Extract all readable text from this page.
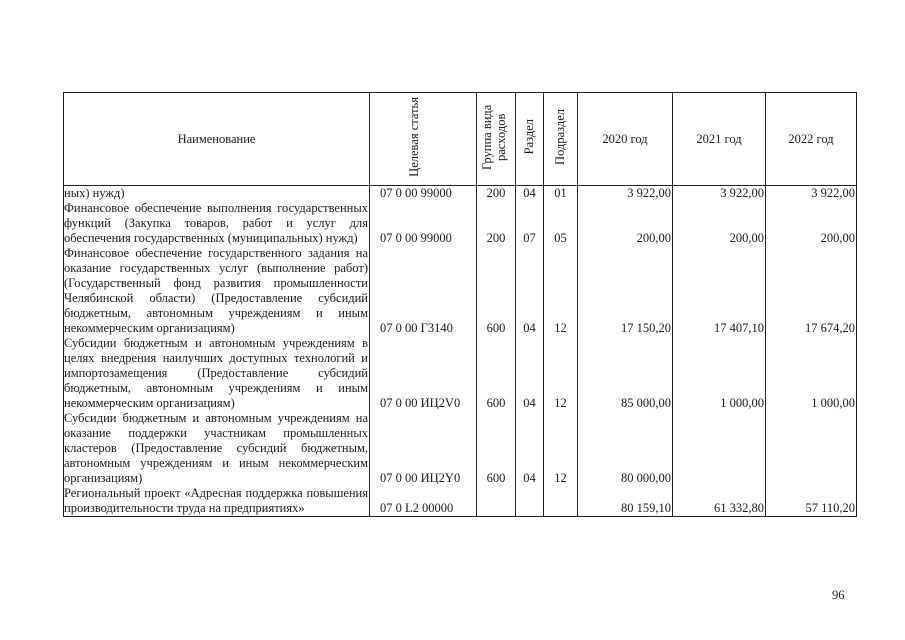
Наименование	Целевая статья	Группа вида расходов	Раздел	Подраздел	2020 год	2021 год	2022 год
ных) нужд)	07 0 00 99000	200	04	01	3 922,00	3 922,00	3 922,00
Финансовое обеспечение выполнения государственных функций (Закупка товаров, работ и услуг для обеспечения государственных (муниципальных) нужд)	07 0 00 99000	200	07	05	200,00	200,00	200,00
Финансовое обеспечение государственного задания на оказание государственных услуг (выполнение работ) (Государственный фонд развития промышленности Челябинской области) (Предоставление субсидий бюджетным, автономным учреждениям и иным некоммерческим организациям)	07 0 00 Г3140	600	04	12	17 150,20	17 407,10	17 674,20
Субсидии бюджетным и автономным учреждениям в целях внедрения наилучших доступных технологий и импортозамещения (Предоставление субсидий бюджетным, автономным учреждениям и иным некоммерческим организациям)	07 0 00 ИЦ2V0	600	04	12	85 000,00	1 000,00	1 000,00
Субсидии бюджетным и автономным учреждениям на оказание поддержки участникам промышленных кластеров (Предоставление субсидий бюджетным, автономным учреждениям и иным некоммерческим организациям)	07 0 00 ИЦ2Y0	600	04	12	80 000,00		
Региональный проект «Адресная поддержка повышения производительности труда на предприятиях»	07 0 L2 00000				80 159,10	61 332,80	57 110,20
96
